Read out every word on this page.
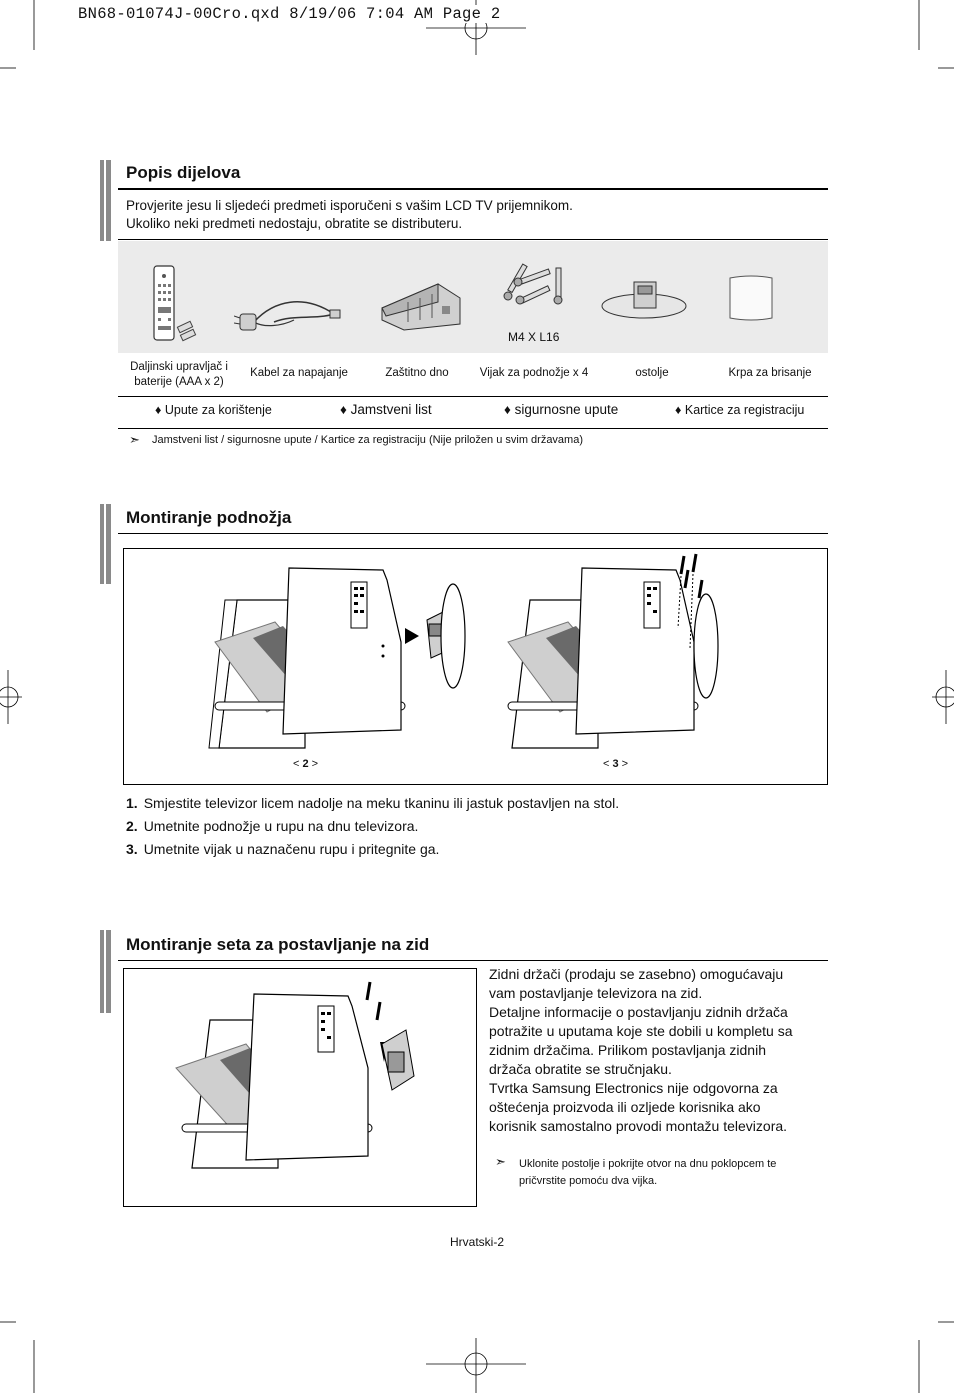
BN68-01074J-00Cro.qxd 8/19/06 7:04 AM Page 2
Popis dijelova
Provjerite jesu li sljedeći predmeti isporučeni s vašim LCD TV prijemnikom.
Ukoliko neki predmeti nedostaju, obratite se distributeru.
M4 X L16
Daljinski upravljač i
baterije (AAA x 2)
Kabel za napajanje	Zaštitno dno	Vijak za podnožje x 4	ostolje	Krpa za brisanje
♦ Upute za korištenje	♦ Jamstveni list	♦ sigurnosne upute	♦ Kartice za registraciju
➣ Jamstveni list / sigurnosne upute / Kartice za registraciju (Nije priložen u svim državama)
Montiranje podnožja
< 2 >	< 3 >
1. Smjestite televizor licem nadolje na meku tkaninu ili jastuk postavljen na stol.
2. Umetnite podnožje u rupu na dnu televizora.
3. Umetnite vijak u naznačenu rupu i pritegnite ga.
Montiranje seta za postavljanje na zid
Zidni držači (prodaju se zasebno) omogućavaju
vam postavljanje televizora na zid.
Detaljne informacije o postavljanju zidnih držača
potražite u uputama koje ste dobili u kompletu sa
zidnim držačima. Prilikom postavljanja zidnih
držača obratite se stručnjaku.
Tvrtka Samsung Electronics nije odgovorna za
oštećenja proizvoda ili ozljede korisnika ako
korisnik samostalno provodi montažu televizora.
➣ Uklonite postolje i pokrijte otvor na dnu poklopcem te
pričvrstite pomoću dva vijka.
Hrvatski-2
